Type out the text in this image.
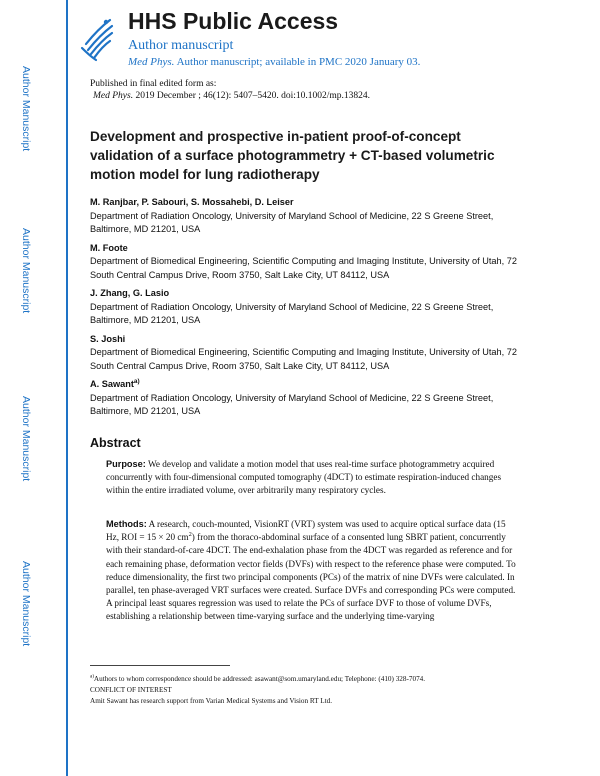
Author Manuscript
Author Manuscript
Author Manuscript
Author Manuscript
HHS Public Access
Author manuscript
Med Phys. Author manuscript; available in PMC 2020 January 03.
Published in final edited form as:
Med Phys. 2019 December ; 46(12): 5407–5420. doi:10.1002/mp.13824.
Development and prospective in-patient proof-of-concept validation of a surface photogrammetry + CT-based volumetric motion model for lung radiotherapy
M. Ranjbar, P. Sabouri, S. Mossahebi, D. Leiser
Department of Radiation Oncology, University of Maryland School of Medicine, 22 S Greene Street, Baltimore, MD 21201, USA
M. Foote
Department of Biomedical Engineering, Scientific Computing and Imaging Institute, University of Utah, 72 South Central Campus Drive, Room 3750, Salt Lake City, UT 84112, USA
J. Zhang, G. Lasio
Department of Radiation Oncology, University of Maryland School of Medicine, 22 S Greene Street, Baltimore, MD 21201, USA
S. Joshi
Department of Biomedical Engineering, Scientific Computing and Imaging Institute, University of Utah, 72 South Central Campus Drive, Room 3750, Salt Lake City, UT 84112, USA
A. Sawant$^{a)}$
Department of Radiation Oncology, University of Maryland School of Medicine, 22 S Greene Street, Baltimore, MD 21201, USA
Abstract
Purpose: We develop and validate a motion model that uses real-time surface photogrammetry acquired concurrently with four-dimensional computed tomography (4DCT) to estimate respiration-induced changes within the entire irradiated volume, over arbitrarily many respiratory cycles.
Methods: A research, couch-mounted, VisionRT (VRT) system was used to acquire optical surface data (15 Hz, ROI = 15 × 20 $cm^2$) from the thoraco-abdominal surface of a consented lung SBRT patient, concurrently with their standard-of-care 4DCT. The end-exhalation phase from the 4DCT was regarded as reference and for each remaining phase, deformation vector fields (DVFs) with respect to the reference phase were computed. To reduce dimensionality, the first two principal components (PCs) of the matrix of nine DVFs were calculated. In parallel, ten phase-averaged VRT surfaces were created. Surface DVFs and corresponding PCs were computed. A principal least squares regression was used to relate the PCs of surface DVF to those of volume DVFs, establishing a relationship between time-varying surface and the underlying time-varying
$^{a)}$Authors to whom correspondence should be addressed: asawant@som.umaryland.edu; Telephone: (410) 328-7074.
CONFLICT OF INTEREST
Amit Sawant has research support from Varian Medical Systems and Vision RT Ltd.
